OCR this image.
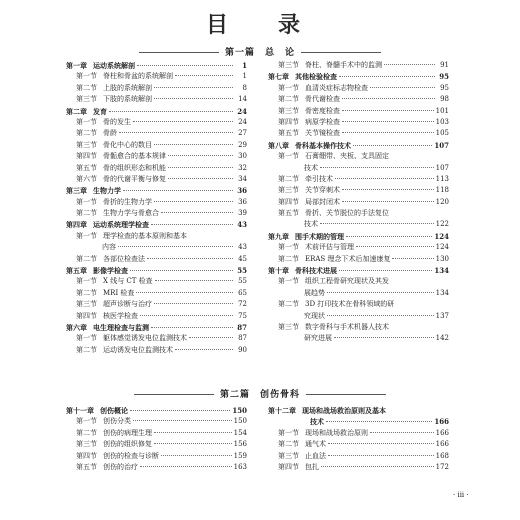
目　录
第一篇　总　论
第一章 运动系统解剖	1
第一节 脊柱和骨盆的系统解剖	1
第二节 上肢的系统解剖	8
第三节 下肢的系统解剖	14
第二章 发育	24
第一节 骨的发生	24
第二节 骨龄	27
第三节 骨化中心的数目	29
第四节 骨骺愈合的基本规律	30
第五节 骨的组织形态和机能	32
第六节 骨的代谢平衡与修复	34
第三章 生物力学	36
第一节 骨折的生物力学	36
第二节 生物力学与骨愈合	39
第四章 运动系统理学检查	43
第一节 理学检查的基本原则和基本
内容	43
第二节 各部位检查法	45
第五章 影像学检查	55
第一节 X 线与 CT 检查	55
第二节 MRI 检查	65
第三节 超声诊断与治疗	72
第四节 核医学检查	75
第六章 电生理检查与监测	87
第一节 躯体感觉诱发电位监测技术	87
第二节 运动诱发电位监测技术	90
第三节 脊柱、脊髓手术中的监测	91
第七章 其他检验检查	95
第一节 血清炎症标志物检查	95
第二节 骨代谢检查	98
第三节 骨密度检查	101
第四节 病原学检查	103
第五节 关节镜检查	105
第八章 骨科基本操作技术	107
第一节 石膏绷带、夹板、支具固定
技术	107
第二节 牵引技术	113
第三节 关节穿刺术	118
第四节 局部封闭术	120
第五节 骨折、关节脱位的手法复位
技术	122
第九章 围手术期的管理	124
第一节 术前评估与管理	124
第二节 ERAS 理念下术后加速康复	130
第十章 骨科技术进展	134
第一节 组织工程骨研究现状及其发
展趋势	134
第二节 3D 打印技术在骨科领域的研
究现状	137
第三节 数字骨科与手术机器人技术
研究进展	142
第二篇　创伤骨科
第十一章 创伤概论	150
第一节 创伤分类	150
第二节 创伤的病理生理	154
第三节 创伤的组织修复	156
第四节 创伤的检查与诊断	159
第五节 创伤的治疗	163
第十二章 现场和战场救治原则及基本
技术	166
第一节 现场和战场救治原则	166
第二节 通气术	166
第三节 止血法	168
第四节 包扎	172
· iii ·
